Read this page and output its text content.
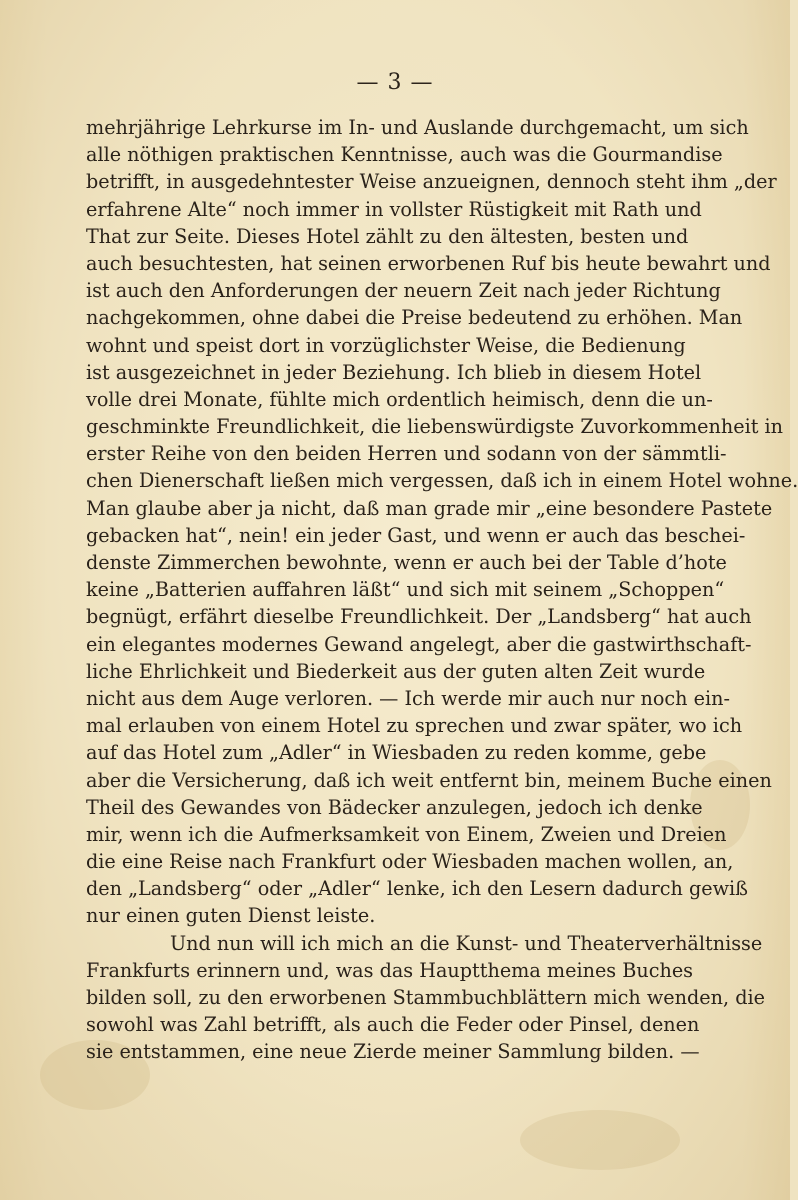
— 3 —
mehrjährige Lehrkurse im In- und Auslande durchgemacht, um sich
alle nöthigen praktischen Kenntnisse, auch was die Gourmandise
betrifft, in ausgedehntester Weise anzueignen, dennoch steht ihm „der
erfahrene Alte“ noch immer in vollster Rüstigkeit mit Rath und
That zur Seite. Dieses Hotel zählt zu den ältesten, besten und
auch besuchtesten, hat seinen erworbenen Ruf bis heute bewahrt und
ist auch den Anforderungen der neuern Zeit nach jeder Richtung
nachgekommen, ohne dabei die Preise bedeutend zu erhöhen. Man
wohnt und speist dort in vorzüglichster Weise, die Bedienung
ist ausgezeichnet in jeder Beziehung. Ich blieb in diesem Hotel
volle drei Monate, fühlte mich ordentlich heimisch, denn die un-
geschminkte Freundlichkeit, die liebenswürdigste Zuvorkommenheit in
erster Reihe von den beiden Herren und sodann von der sämmtli-
chen Dienerschaft ließen mich vergessen, daß ich in einem Hotel wohne.
Man glaube aber ja nicht, daß man grade mir „eine besondere Pastete
gebacken hat“, nein! ein jeder Gast, und wenn er auch das beschei-
denste Zimmerchen bewohnte, wenn er auch bei der Table d’hote
keine „Batterien auffahren läßt“ und sich mit seinem „Schoppen“
begnügt, erfährt dieselbe Freundlichkeit. Der „Landsberg“ hat auch
ein elegantes modernes Gewand angelegt, aber die gastwirthschaft-
liche Ehrlichkeit und Biederkeit aus der guten alten Zeit wurde
nicht aus dem Auge verloren. — Ich werde mir auch nur noch ein-
mal erlauben von einem Hotel zu sprechen und zwar später, wo ich
auf das Hotel zum „Adler“ in Wiesbaden zu reden komme, gebe
aber die Versicherung, daß ich weit entfernt bin, meinem Buche einen
Theil des Gewandes von Bädecker anzulegen, jedoch ich denke
mir, wenn ich die Aufmerksamkeit von Einem, Zweien und Dreien
die eine Reise nach Frankfurt oder Wiesbaden machen wollen, an,
den „Landsberg“ oder „Adler“ lenke, ich den Lesern dadurch gewiß
nur einen guten Dienst leiste.
Und nun will ich mich an die Kunst- und Theaterverhältnisse
Frankfurts erinnern und, was das Hauptthema meines Buches
bilden soll, zu den erworbenen Stammbuchblättern mich wenden, die
sowohl was Zahl betrifft, als auch die Feder oder Pinsel, denen
sie entstammen, eine neue Zierde meiner Sammlung bilden. —
